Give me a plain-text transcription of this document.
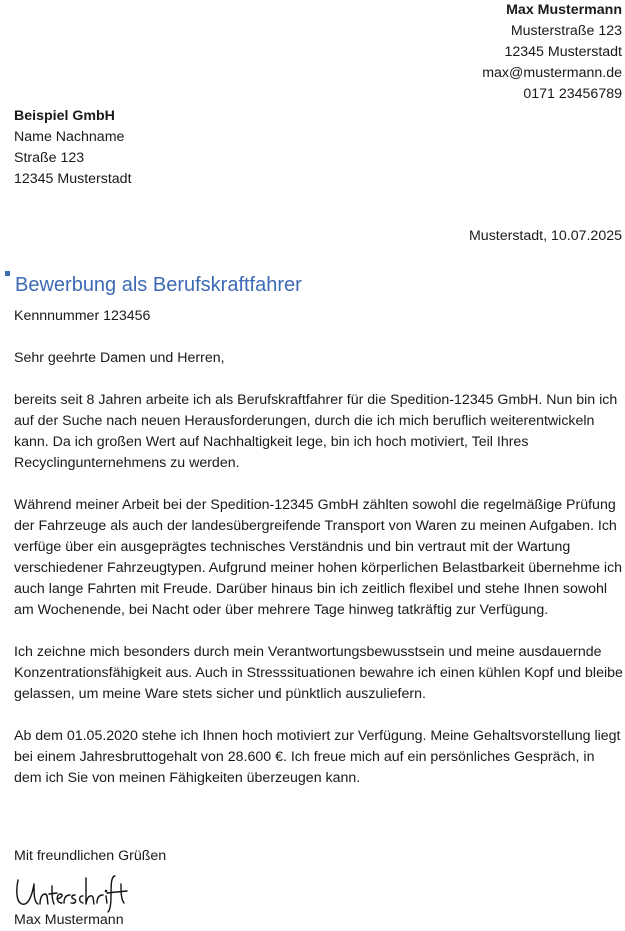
Max Mustermann
Musterstraße 123
12345 Musterstadt
max@mustermann.de
0171 23456789
Beispiel GmbH
Name Nachname
Straße 123
12345 Musterstadt
Musterstadt, 10.07.2025
Bewerbung als Berufskraftfahrer
Kennnummer 123456

Sehr geehrte Damen und Herren,

bereits seit 8 Jahren arbeite ich als Berufskraftfahrer für die Spedition-12345 GmbH. Nun bin ich auf der Suche nach neuen Herausforderungen, durch die ich mich beruflich weiterentwickeln kann. Da ich großen Wert auf Nachhaltigkeit lege, bin ich hoch motiviert, Teil Ihres Recyclingunternehmens zu werden.

Während meiner Arbeit bei der Spedition-12345 GmbH zählten sowohl die regelmäßige Prüfung der Fahrzeuge als auch der landesübergreifende Transport von Waren zu meinen Aufgaben. Ich verfüge über ein ausgeprägtes technisches Verständnis und bin vertraut mit der Wartung verschiedener Fahrzeugtypen. Aufgrund meiner hohen körperlichen Belastbarkeit übernehme ich auch lange Fahrten mit Freude. Darüber hinaus bin ich zeitlich flexibel und stehe Ihnen sowohl am Wochenende, bei Nacht oder über mehrere Tage hinweg tatkräftig zur Verfügung.

Ich zeichne mich besonders durch mein Verantwortungsbewusstsein und meine ausdauernde Konzentrationsfähigkeit aus. Auch in Stresssituationen bewahre ich einen kühlen Kopf und bleibe gelassen, um meine Ware stets sicher und pünktlich auszuliefern.

Ab dem 01.05.2020 stehe ich Ihnen hoch motiviert zur Verfügung. Meine Gehaltsvorstellung liegt bei einem Jahresbruttogehalt von 28.600 €. Ich freue mich auf ein persönliches Gespräch, in dem ich Sie von meinen Fähigkeiten überzeugen kann.

Mit freundlichen Grüßen
Max Mustermann
